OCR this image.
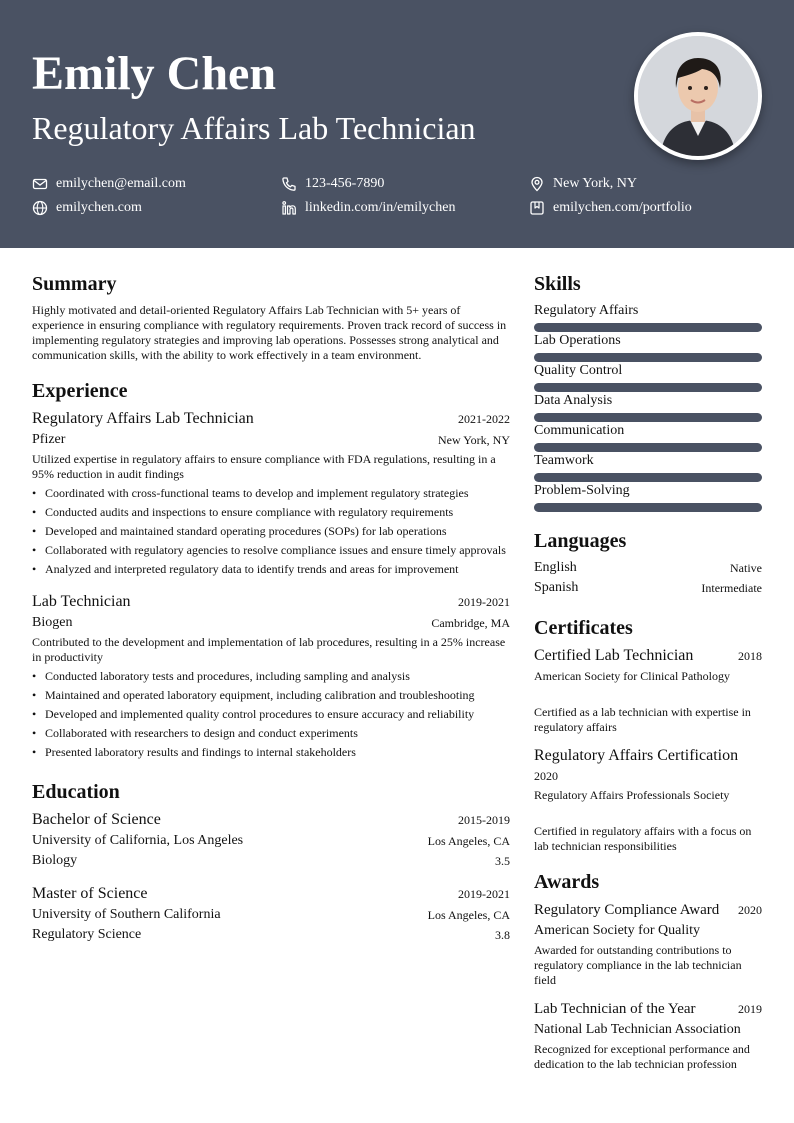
Emily Chen
Regulatory Affairs Lab Technician
emilychen@email.com	123-456-7890	New York, NY
emilychen.com	linkedin.com/in/emilychen	emilychen.com/portfolio
Summary
Highly motivated and detail-oriented Regulatory Affairs Lab Technician with 5+ years of experience in ensuring compliance with regulatory requirements. Proven track record of success in implementing regulatory strategies and improving lab operations. Possesses strong analytical and communication skills, with the ability to work effectively in a team environment.
Experience
Regulatory Affairs Lab Technician	2021-2022
Pfizer	New York, NY
Utilized expertise in regulatory affairs to ensure compliance with FDA regulations, resulting in a 95% reduction in audit findings
• Coordinated with cross-functional teams to develop and implement regulatory strategies
• Conducted audits and inspections to ensure compliance with regulatory requirements
• Developed and maintained standard operating procedures (SOPs) for lab operations
• Collaborated with regulatory agencies to resolve compliance issues and ensure timely approvals
• Analyzed and interpreted regulatory data to identify trends and areas for improvement
Lab Technician	2019-2021
Biogen	Cambridge, MA
Contributed to the development and implementation of lab procedures, resulting in a 25% increase in productivity
• Conducted laboratory tests and procedures, including sampling and analysis
• Maintained and operated laboratory equipment, including calibration and troubleshooting
• Developed and implemented quality control procedures to ensure accuracy and reliability
• Collaborated with researchers to design and conduct experiments
• Presented laboratory results and findings to internal stakeholders
Education
Bachelor of Science	2015-2019
University of California, Los Angeles	Los Angeles, CA
Biology	3.5
Master of Science	2019-2021
University of Southern California	Los Angeles, CA
Regulatory Science	3.8
Skills
Regulatory Affairs
Lab Operations
Quality Control
Data Analysis
Communication
Teamwork
Problem-Solving
Languages
English	Native
Spanish	Intermediate
Certificates
Certified Lab Technician	2018
American Society for Clinical Pathology
Certified as a lab technician with expertise in regulatory affairs
Regulatory Affairs Certification
2020
Regulatory Affairs Professionals Society
Certified in regulatory affairs with a focus on lab technician responsibilities
Awards
Regulatory Compliance Award	2020
American Society for Quality
Awarded for outstanding contributions to regulatory compliance in the lab technician field
Lab Technician of the Year	2019
National Lab Technician Association
Recognized for exceptional performance and dedication to the lab technician profession
